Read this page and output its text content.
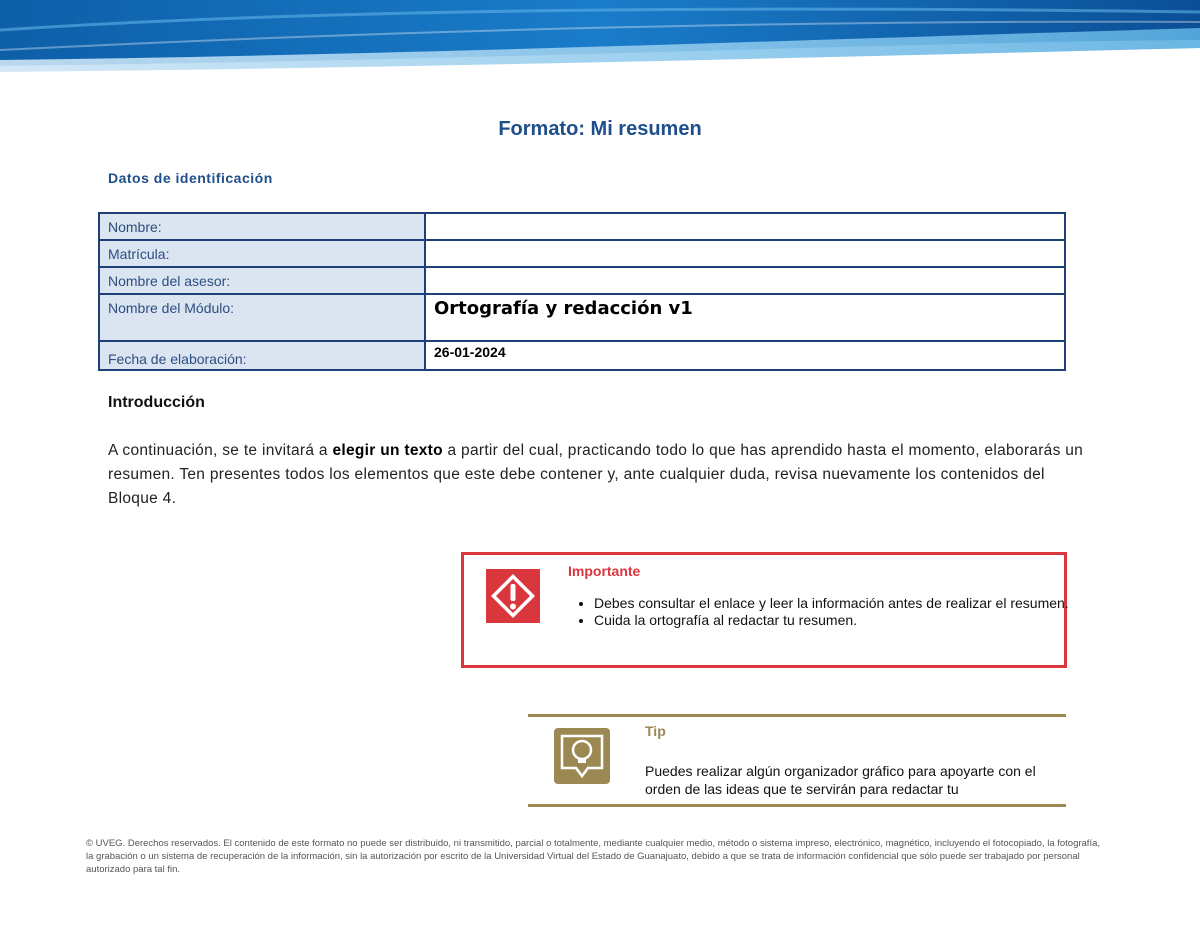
Formato: Mi resumen
Datos de identificación
Nombre:	
Matrícula:	
Nombre del asesor:	
Nombre del Módulo:	Ortografía y redacción v1
Fecha de elaboración:	26-01-2024
Introducción
A continuación, se te invitará a elegir un texto a partir del cual, practicando todo lo que has aprendido hasta el momento, elaborarás un resumen. Ten presentes todos los elementos que este debe contener y, ante cualquier duda, revisa nuevamente los contenidos del Bloque 4.
Importante
• Debes consultar el enlace y leer la información antes de realizar el resumen.
• Cuida la ortografía al redactar tu resumen.
Tip
Puedes realizar algún organizador gráfico para apoyarte con el orden de las ideas que te servirán para redactar tu
© UVEG. Derechos reservados. El contenido de este formato no puede ser distribuido, ni transmitido, parcial o totalmente, mediante cualquier medio, método o sistema impreso, electrónico, magnético, incluyendo el fotocopiado, la fotografía, la grabación o un sistema de recuperación de la información, sin la autorización por escrito de la Universidad Virtual del Estado de Guanajuato, debido a que se trata de información confidencial que sólo puede ser trabajado por personal autorizado para tal fin.
